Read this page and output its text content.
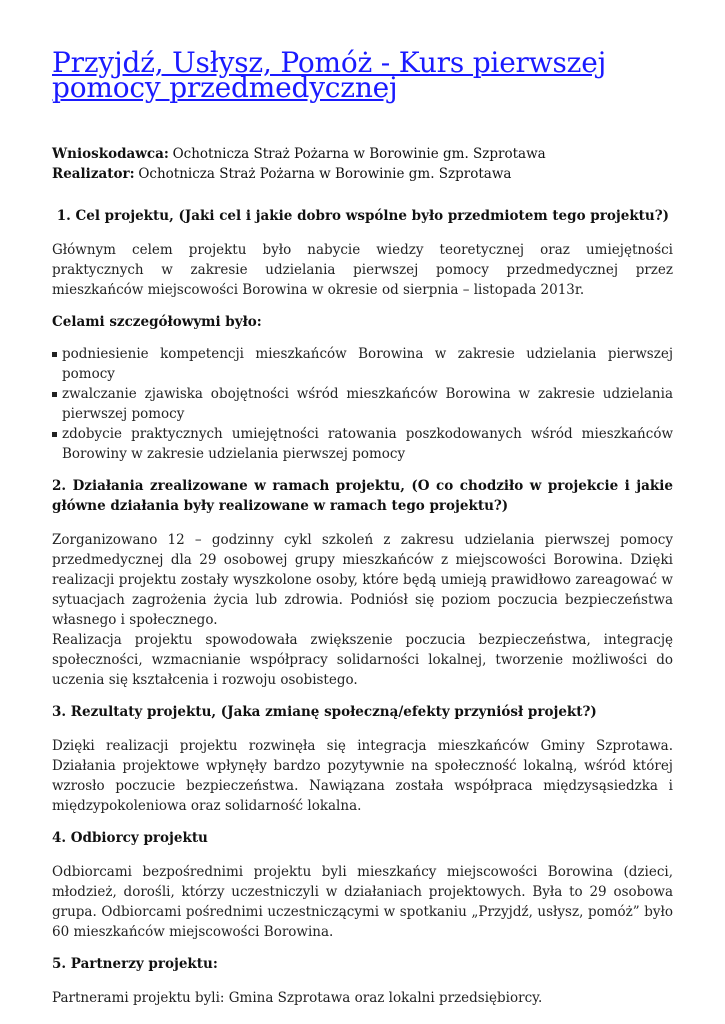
Przyjdź, Usłysz, Pomóż - Kurs pierwszej pomocy przedmedycznej
Wnioskodawca: Ochotnicza Straż Pożarna w Borowinie gm. Szprotawa
Realizator: Ochotnicza Straż Pożarna w Borowinie gm. Szprotawa
1. Cel projektu, (Jaki cel i jakie dobro wspólne było przedmiotem tego projektu?)

Głównym celem projektu było nabycie wiedzy teoretycznej oraz umiejętności praktycznych w zakresie udzielania pierwszej pomocy przedmedycznej przez mieszkańców miejscowości Borowina w okresie od sierpnia – listopada 2013r.

Celami szczegółowymi było:
podniesienie kompetencji mieszkańców Borowina w zakresie udzielania pierwszej pomocy
zwalczanie zjawiska obojętności wśród mieszkańców Borowina w zakresie udzielania pierwszej pomocy
zdobycie praktycznych umiejętności ratowania poszkodowanych wśród mieszkańców Borowiny w zakresie udzielania pierwszej pomocy
2. Działania zrealizowane w ramach projektu, (O co chodziło w projekcie i jakie główne działania były realizowane w ramach tego projektu?)

Zorganizowano 12 – godzinny cykl szkoleń z zakresu udzielania pierwszej pomocy przedmedycznej dla 29 osobowej grupy mieszkańców z miejscowości Borowina. Dzięki realizacji projektu zostały wyszkolone osoby, które będą umieją prawidłowo zareagować w sytuacjach zagrożenia życia lub zdrowia. Podniósł się poziom poczucia bezpieczeństwa własnego i społecznego.

Realizacja projektu spowodowała zwiększenie poczucia bezpieczeństwa, integrację społeczności, wzmacnianie współpracy solidarności lokalnej, tworzenie możliwości do uczenia się kształcenia i rozwoju osobistego.

3. Rezultaty projektu, (Jaka zmianę społeczną/efekty przyniósł projekt?)

Dzięki realizacji projektu rozwinęła się integracja mieszkańców Gminy Szprotawa. Działania projektowe wpłynęły bardzo pozytywnie na społeczność lokalną, wśród której wzrosło poczucie bezpieczeństwa. Nawiązana została współpraca międzysąsiedzka i międzypokoleniowa oraz solidarność lokalna.

4. Odbiorcy projektu

Odbiorcami bezpośrednimi projektu byli mieszkańcy miejscowości Borowina (dzieci, młodzież, dorośli, którzy uczestniczyli w działaniach projektowych. Była to 29 osobowa grupa. Odbiorcami pośrednimi uczestniczącymi w spotkaniu „Przyjdź, usłysz, pomóż” było 60 mieszkańców miejscowości Borowina.

5. Partnerzy projektu:

Partnerami projektu byli: Gmina Szprotawa oraz lokalni przedsiębiorcy.
